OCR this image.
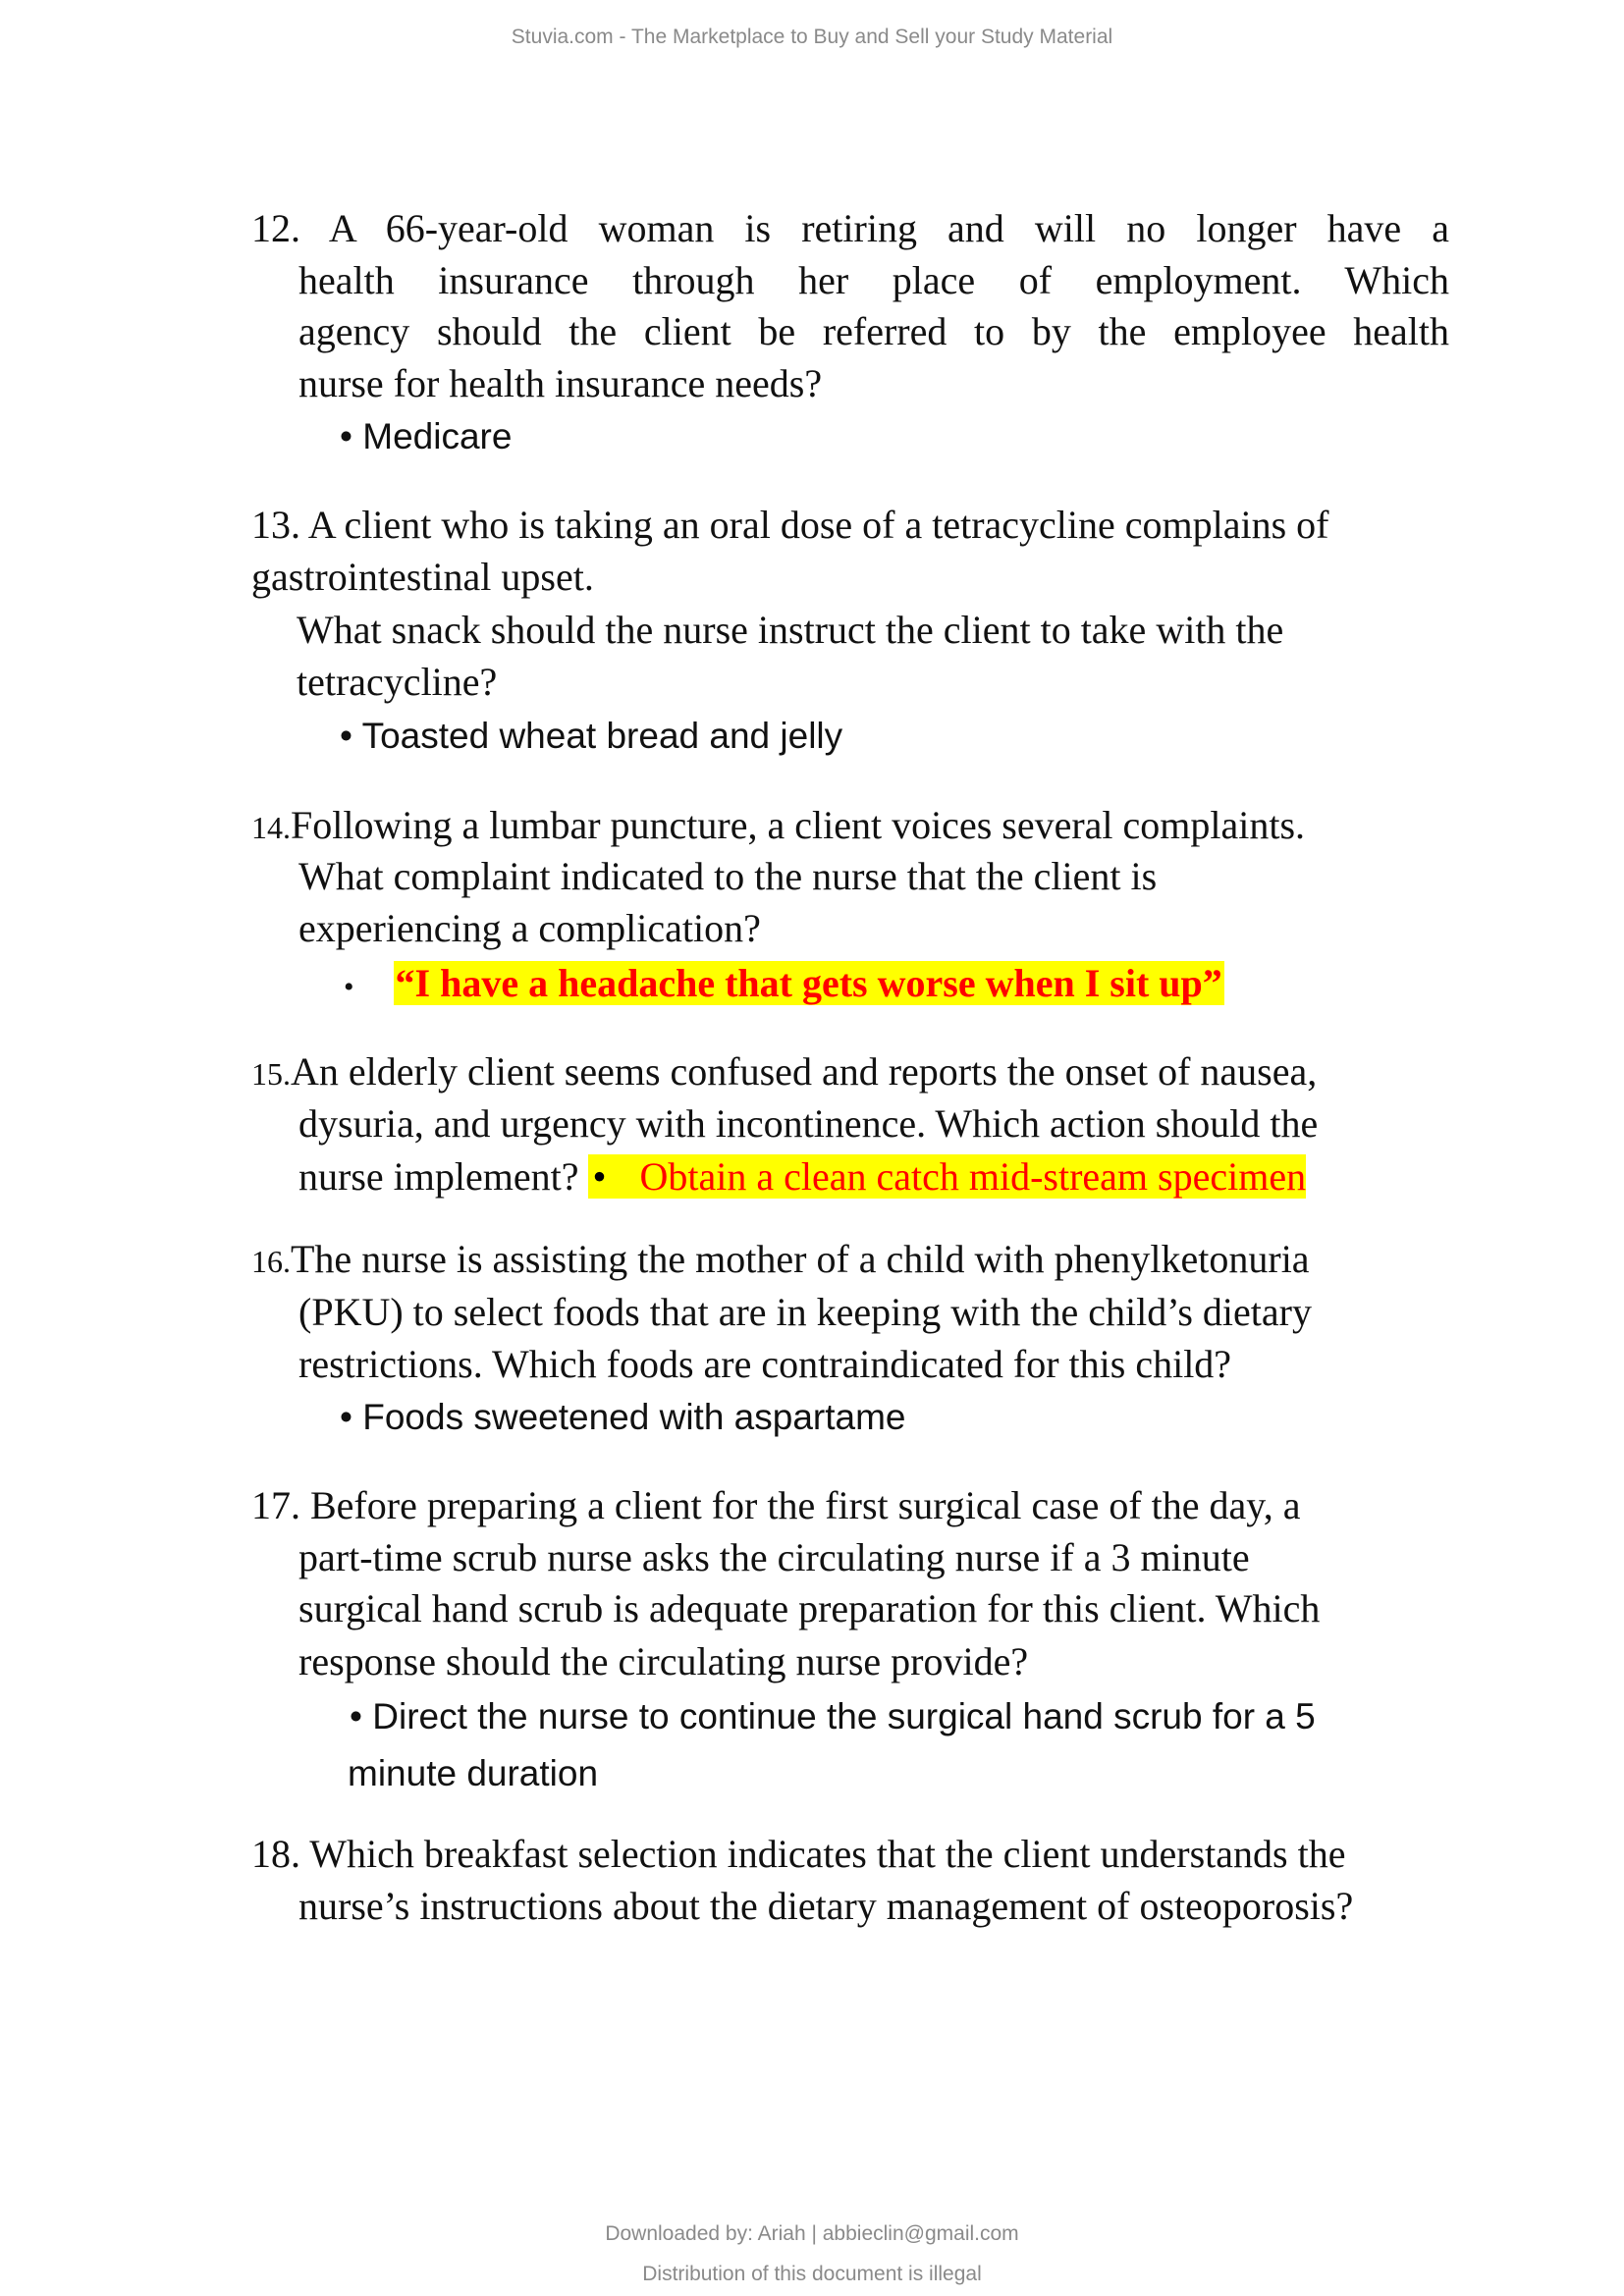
Stuvia.com - The Marketplace to Buy and Sell your Study Material
12. A 66-year-old woman is retiring and will no longer have a
health insurance through her place of employment. Which
agency should the client be referred to by the employee health
nurse for health insurance needs?
• Medicare
13. A client who is taking an oral dose of a tetracycline complains of
gastrointestinal upset.
What snack should the nurse instruct the client to take with the
tetracycline?
• Toasted wheat bread and jelly
14.Following a lumbar puncture, a client voices several complaints.
What complaint indicated to the nurse that the client is
experiencing a complication?
• “I have a headache that gets worse when I sit up”
15.An elderly client seems confused and reports the onset of nausea,
dysuria, and urgency with incontinence. Which action should the
nurse implement? • Obtain a clean catch mid-stream specimen
16.The nurse is assisting the mother of a child with phenylketonuria
(PKU) to select foods that are in keeping with the child’s dietary
restrictions. Which foods are contraindicated for this child?
• Foods sweetened with aspartame
17. Before preparing a client for the first surgical case of the day, a
part-time scrub nurse asks the circulating nurse if a 3 minute
surgical hand scrub is adequate preparation for this client. Which
response should the circulating nurse provide?
• Direct the nurse to continue the surgical hand scrub for a 5
minute duration
18. Which breakfast selection indicates that the client understands the
nurse’s instructions about the dietary management of osteoporosis?
Downloaded by: Ariah | abbieclin@gmail.com
Distribution of this document is illegal
